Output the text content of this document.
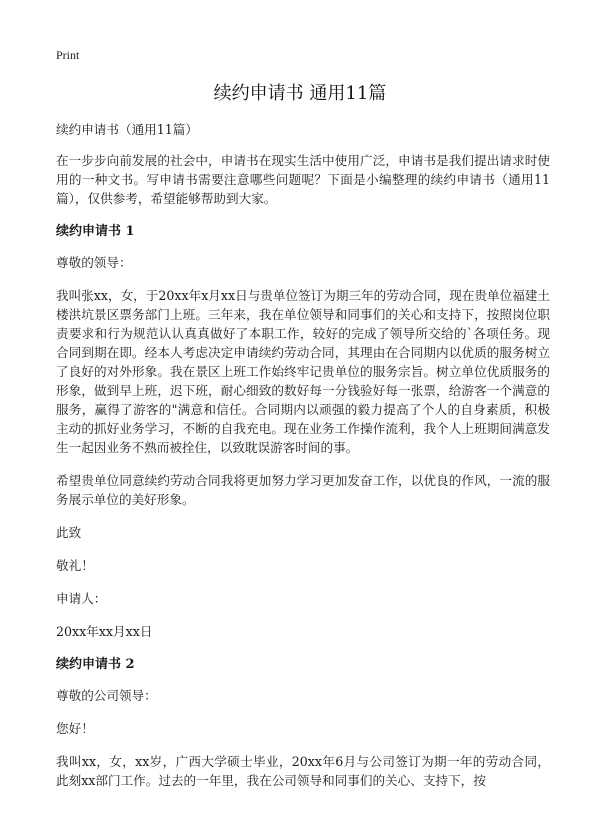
Print
续约申请书 通用11篇

续约申请书（通用11篇）

在一步步向前发展的社会中，申请书在现实生活中使用广泛，申请书是我们提出请求时使用的一种文书。写申请书需要注意哪些问题呢？下面是小编整理的续约申请书（通用11篇），仅供参考，希望能够帮助到大家。

续约申请书 1

尊敬的领导：

我叫张xx，女，于20xx年x月xx日与贵单位签订为期三年的劳动合同，现在贵单位福建土楼洪坑景区票务部门上班。三年来，我在单位领导和同事们的关心和支持下，按照岗位职责要求和行为规范认认真真做好了本职工作，较好的完成了领导所交给的`各项任务。现合同到期在即。经本人考虑决定申请续约劳动合同，其理由在合同期内以优质的服务树立了良好的对外形象。我在景区上班工作始终牢记贵单位的服务宗旨。树立单位优质服务的形象，做到早上班，迟下班，耐心细致的数好每一分钱验好每一张票，给游客一个满意的服务，赢得了游客的"满意和信任。合同期内以顽强的毅力提高了个人的自身素质，积极主动的抓好业务学习，不断的自我充电。现在业务工作操作流利，我个人上班期间满意发生一起因业务不熟而被拴住，以致耽误游客时间的事。

希望贵单位同意续约劳动合同我将更加努力学习更加发奋工作，以优良的作风，一流的服务展示单位的美好形象。

此致

敬礼！

申请人：

20xx年xx月xx日

续约申请书 2

尊敬的公司领导：

您好！

我叫xx，女，xx岁，广西大学硕士毕业，20xx年6月与公司签订为期一年的劳动合同，此刻xx部门工作。过去的一年里，我在公司领导和同事们的关心、支持下，按
